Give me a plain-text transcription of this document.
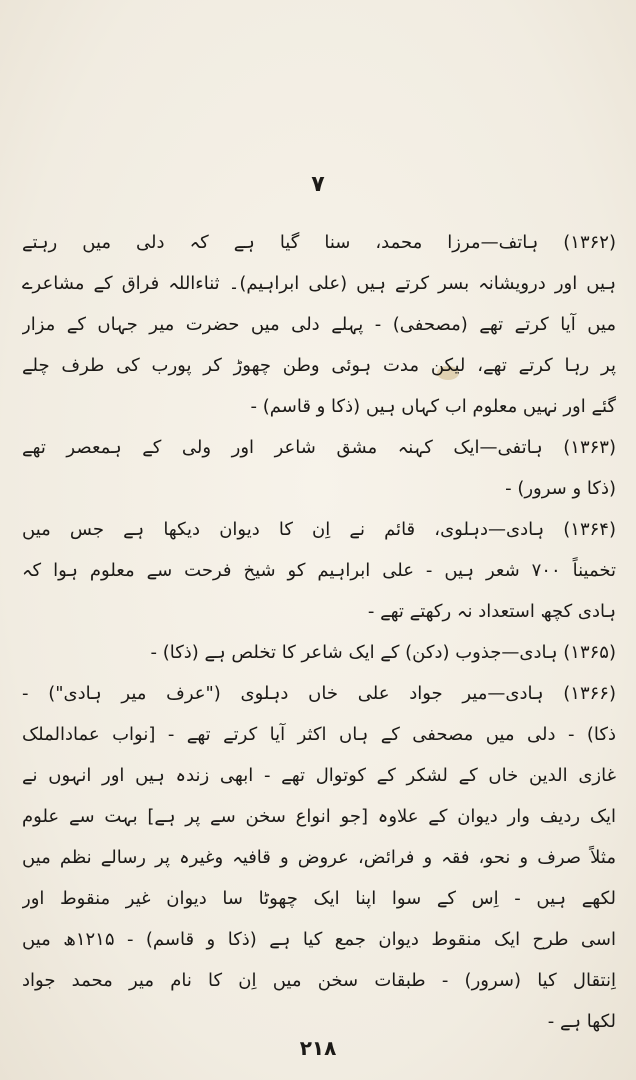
٧
(۱۳۶۲) ہاتف—مرزا محمد، سنا گیا ہے کہ دلی میں رہتے
ہیں اور درویشانہ بسر کرتے ہیں (علی ابراہیم)۔ ثناءاللہ فراق کے مشاعرے
میں آیا کرتے تھے (مصحفی) - پہلے دلی میں حضرت میر جہاں کے مزار
پر رہا کرتے تھے، لیکن مدت ہوئی وطن چھوڑ کر پورب کی طرف چلے
گئے اور نہیں معلوم اب کہاں ہیں (ذکا و قاسم) -
(۱۳۶۳) ہاتفی—ایک کہنہ مشق شاعر اور ولی کے ہمعصر تھے
(ذکا و سرور) -
(۱۳۶۴) ہادی—دہلوی، قائم نے اِن کا دیوان دیکھا ہے جس میں
تخمیناً ۷۰۰ شعر ہیں - علی ابراہیم کو شیخ فرحت سے معلوم ہوا کہ
ہادی کچھ استعداد نہ رکھتے تھے -
(۱۳۶۵) ہادی—جذوب (دکن) کے ایک شاعر کا تخلص ہے (ذکا) -
(۱۳۶۶) ہادی—میر جواد علی خاں دہلوی ("عرف میر ہادی") -
ذکا) - دلی میں مصحفی کے ہاں اکثر آیا کرتے تھے - [نواب عمادالملک
غازی الدین خاں کے لشکر کے کوتوال تھے - ابھی زندہ ہیں اور انہوں نے
ایک ردیف وار دیوان کے علاوہ [جو انواع سخن سے پر ہے] بہت سے علوم
مثلاً صرف و نحو، فقہ و فرائض، عروض و قافیہ وغیرہ پر رسالے نظم میں
لکھے ہیں - اِس کے سوا اپنا ایک چھوٹا سا دیوان غیر منقوط اور
اسی طرح ایک منقوط دیوان جمع کیا ہے (ذکا و قاسم) - ۱۲۱۵ھ میں
اِنتقال کیا (سرور) - طبقات سخن میں اِن کا نام میر محمد جواد
لکھا ہے -
۲۱۸
